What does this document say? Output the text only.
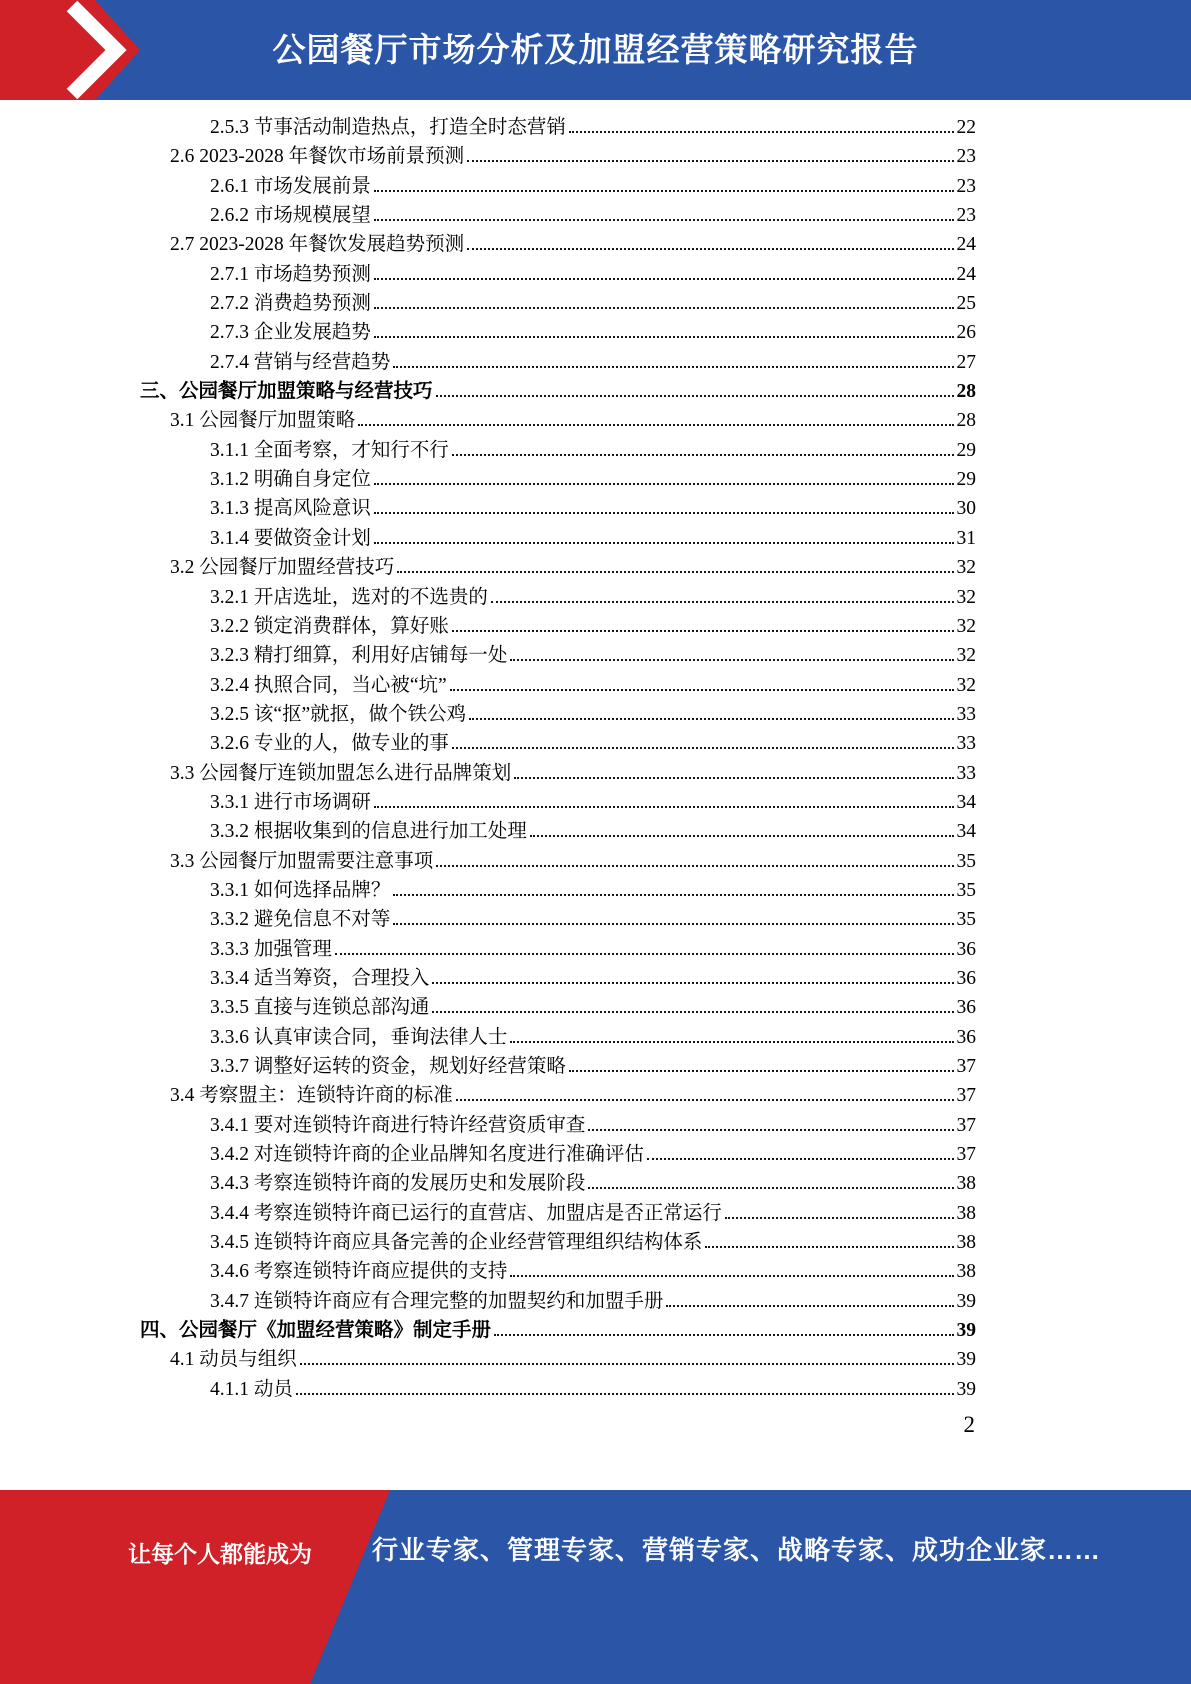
公园餐厅市场分析及加盟经营策略研究报告
2.5.3 节事活动制造热点，打造全时态营销	22
2.6 2023-2028 年餐饮市场前景预测	23
2.6.1 市场发展前景	23
2.6.2 市场规模展望	23
2.7 2023-2028 年餐饮发展趋势预测	24
2.7.1 市场趋势预测	24
2.7.2 消费趋势预测	25
2.7.3 企业发展趋势	26
2.7.4 营销与经营趋势	27
三、公园餐厅加盟策略与经营技巧	28
3.1 公园餐厅加盟策略	28
3.1.1 全面考察，才知行不行	29
3.1.2 明确自身定位	29
3.1.3 提高风险意识	30
3.1.4 要做资金计划	31
3.2 公园餐厅加盟经营技巧	32
3.2.1 开店选址，选对的不选贵的	32
3.2.2 锁定消费群体，算好账	32
3.2.3 精打细算，利用好店铺每一处	32
3.2.4 执照合同，当心被“坑”	32
3.2.5 该“抠”就抠，做个铁公鸡	33
3.2.6 专业的人，做专业的事	33
3.3 公园餐厅连锁加盟怎么进行品牌策划	33
3.3.1 进行市场调研	34
3.3.2 根据收集到的信息进行加工处理	34
3.3 公园餐厅加盟需要注意事项	35
3.3.1 如何选择品牌？	35
3.3.2 避免信息不对等	35
3.3.3 加强管理	36
3.3.4 适当筹资，合理投入	36
3.3.5 直接与连锁总部沟通	36
3.3.6 认真审读合同，垂询法律人士	36
3.3.7 调整好运转的资金，规划好经营策略	37
3.4 考察盟主：连锁特许商的标准	37
3.4.1 要对连锁特许商进行特许经营资质审查	37
3.4.2 对连锁特许商的企业品牌知名度进行准确评估	37
3.4.3 考察连锁特许商的发展历史和发展阶段	38
3.4.4 考察连锁特许商已运行的直营店、加盟店是否正常运行	38
3.4.5 连锁特许商应具备完善的企业经营管理组织结构体系	38
3.4.6 考察连锁特许商应提供的支持	38
3.4.7 连锁特许商应有合理完整的加盟契约和加盟手册	39
四、公园餐厅《加盟经营策略》制定手册	39
4.1 动员与组织	39
4.1.1 动员	39
2
让每个人都能成为 行业专家、管理专家、营销专家、战略专家、成功企业家……
